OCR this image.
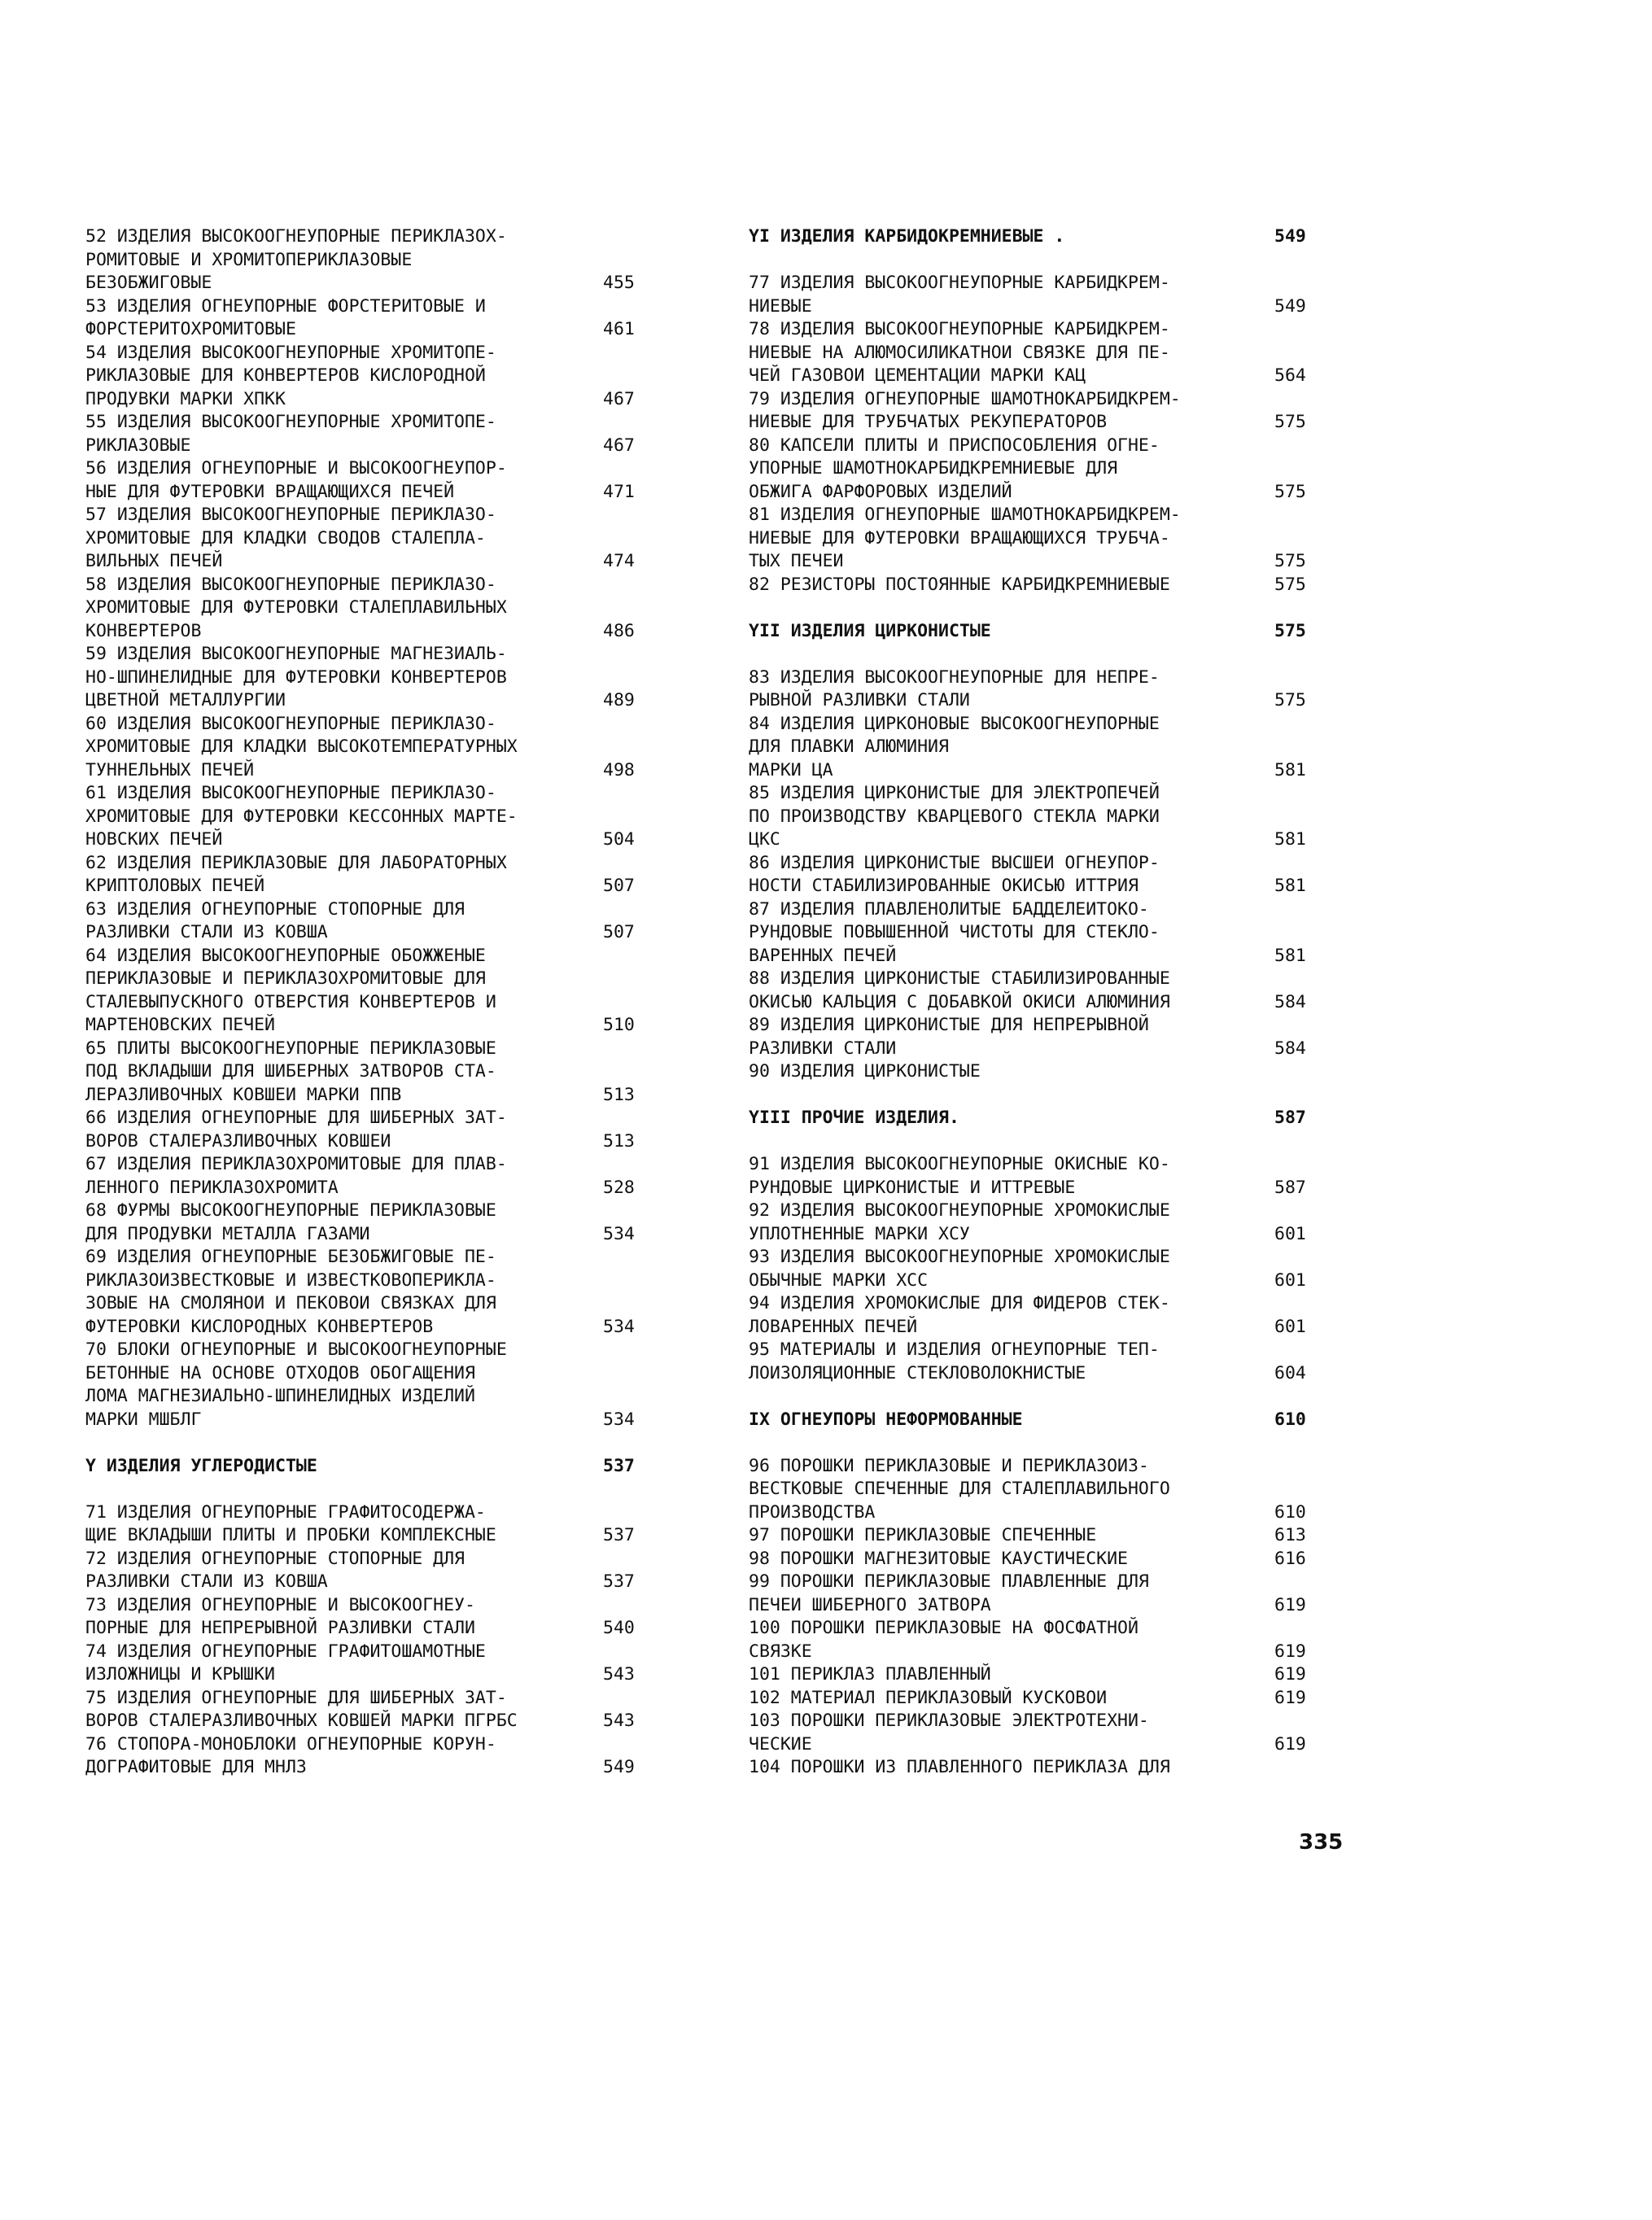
52 ИЗДЕЛИЯ ВЫСОКООГНЕУПОРНЫЕ ПЕРИКЛАЗОХ-
РОМИТОВЫЕ И ХРОМИТОПЕРИКЛАЗОВЫЕ
БЕЗОБЖИГОВЫЕ	455
53 ИЗДЕЛИЯ ОГНЕУПОРНЫЕ ФОРСТЕРИТОВЫЕ И
ФОРСТЕРИТОХРОМИТОВЫЕ	461
54 ИЗДЕЛИЯ ВЫСОКООГНЕУПОРНЫЕ ХРОМИТОПЕ-
РИКЛАЗОВЫЕ ДЛЯ КОНВЕРТЕРОВ КИСЛОРОДНОЙ
ПРОДУВКИ МАРКИ ХПКК	467
55 ИЗДЕЛИЯ ВЫСОКООГНЕУПОРНЫЕ ХРОМИТОПЕ-
РИКЛАЗОВЫЕ	467
56 ИЗДЕЛИЯ ОГНЕУПОРНЫЕ И ВЫСОКООГНЕУПОР-
НЫЕ ДЛЯ ФУТЕРОВКИ ВРАЩАЮЩИХСЯ ПЕЧЕЙ	471
57 ИЗДЕЛИЯ ВЫСОКООГНЕУПОРНЫЕ ПЕРИКЛАЗО-
ХРОМИТОВЫЕ ДЛЯ КЛАДКИ СВОДОВ СТАЛЕПЛА-
ВИЛЬНЫХ ПЕЧЕЙ	474
58 ИЗДЕЛИЯ ВЫСОКООГНЕУПОРНЫЕ ПЕРИКЛАЗО-
ХРОМИТОВЫЕ ДЛЯ ФУТЕРОВКИ СТАЛЕПЛАВИЛЬНЫХ
КОНВЕРТЕРОВ	486
59 ИЗДЕЛИЯ ВЫСОКООГНЕУПОРНЫЕ МАГНЕЗИАЛЬ-
НО-ШПИНЕЛИДНЫЕ ДЛЯ ФУТЕРОВКИ КОНВЕРТЕРОВ
ЦВЕТНОЙ МЕТАЛЛУРГИИ	489
60 ИЗДЕЛИЯ ВЫСОКООГНЕУПОРНЫЕ ПЕРИКЛАЗО-
ХРОМИТОВЫЕ ДЛЯ КЛАДКИ ВЫСОКОТЕМПЕРАТУРНЫХ
ТУННЕЛЬНЫХ ПЕЧЕЙ	498
61 ИЗДЕЛИЯ ВЫСОКООГНЕУПОРНЫЕ ПЕРИКЛАЗО-
ХРОМИТОВЫЕ ДЛЯ ФУТЕРОВКИ КЕССОННЫХ МАРТЕ-
НОВСКИХ ПЕЧЕЙ	504
62 ИЗДЕЛИЯ ПЕРИКЛАЗОВЫЕ ДЛЯ ЛАБОРАТОРНЫХ
КРИПТОЛОВЫХ ПЕЧЕЙ	507
63 ИЗДЕЛИЯ ОГНЕУПОРНЫЕ СТОПОРНЫЕ ДЛЯ
РАЗЛИВКИ СТАЛИ ИЗ КОВША	507
64 ИЗДЕЛИЯ ВЫСОКООГНЕУПОРНЫЕ ОБОЖЖЕНЫЕ
ПЕРИКЛАЗОВЫЕ И ПЕРИКЛАЗОХРОМИТОВЫЕ ДЛЯ
СТАЛЕВЫПУСКНОГО ОТВЕРСТИЯ КОНВЕРТЕРОВ И
МАРТЕНОВСКИХ ПЕЧЕЙ	510
65 ПЛИТЫ ВЫСОКООГНЕУПОРНЫЕ ПЕРИКЛАЗОВЫЕ
ПОД ВКЛАДЫШИ ДЛЯ ШИБЕРНЫХ ЗАТВОРОВ СТА-
ЛЕРАЗЛИВОЧНЫХ КОВШЕИ МАРКИ ППВ	513
66 ИЗДЕЛИЯ ОГНЕУПОРНЫЕ ДЛЯ ШИБЕРНЫХ ЗАТ-
ВОРОВ СТАЛЕРАЗЛИВОЧНЫХ КОВШЕИ	513
67 ИЗДЕЛИЯ ПЕРИКЛАЗОХРОМИТОВЫЕ ДЛЯ ПЛАВ-
ЛЕННОГО ПЕРИКЛАЗОХРОМИТА	528
68 ФУРМЫ ВЫСОКООГНЕУПОРНЫЕ ПЕРИКЛАЗОВЫЕ
ДЛЯ ПРОДУВКИ МЕТАЛЛА ГАЗАМИ	534
69 ИЗДЕЛИЯ ОГНЕУПОРНЫЕ БЕЗОБЖИГОВЫЕ ПЕ-
РИКЛАЗОИЗВЕСТКОВЫЕ И ИЗВЕСТКОВОПЕРИКЛА-
ЗОВЫЕ НА СМОЛЯНОИ И ПЕКОВОИ СВЯЗКАХ ДЛЯ
ФУТЕРОВКИ КИСЛОРОДНЫХ КОНВЕРТЕРОВ	534
70 БЛОКИ ОГНЕУПОРНЫЕ И ВЫСОКООГНЕУПОРНЫЕ
БЕТОННЫЕ НА ОСНОВЕ ОТХОДОВ ОБОГАЩЕНИЯ
ЛОМА МАГНЕЗИАЛЬНО-ШПИНЕЛИДНЫХ ИЗДЕЛИЙ
МАРКИ МШБЛГ	534
Y ИЗДЕЛИЯ УГЛЕРОДИСТЫЕ	537
71 ИЗДЕЛИЯ ОГНЕУПОРНЫЕ ГРАФИТОСОДЕРЖА-
ЩИЕ ВКЛАДЫШИ ПЛИТЫ И ПРОБКИ КОМПЛЕКСНЫЕ	537
72 ИЗДЕЛИЯ ОГНЕУПОРНЫЕ СТОПОРНЫЕ ДЛЯ
РАЗЛИВКИ СТАЛИ ИЗ КОВША	537
73 ИЗДЕЛИЯ ОГНЕУПОРНЫЕ И ВЫСОКООГНЕУ-
ПОРНЫЕ ДЛЯ НЕПРЕРЫВНОЙ РАЗЛИВКИ СТАЛИ	540
74 ИЗДЕЛИЯ ОГНЕУПОРНЫЕ ГРАФИТОШАМОТНЫЕ
ИЗЛОЖНИЦЫ И КРЫШКИ	543
75 ИЗДЕЛИЯ ОГНЕУПОРНЫЕ ДЛЯ ШИБЕРНЫХ ЗАТ-
ВОРОВ СТАЛЕРАЗЛИВОЧНЫХ КОВШЕЙ МАРКИ ПГРБС	543
76 СТОПОРА-МОНОБЛОКИ ОГНЕУПОРНЫЕ КОРУН-
ДОГРАФИТОВЫЕ ДЛЯ МНЛЗ	549
YI ИЗДЕЛИЯ КАРБИДОКРЕМНИЕВЫЕ .	549
77 ИЗДЕЛИЯ ВЫСОКООГНЕУПОРНЫЕ КАРБИДКРЕМ-
НИЕВЫЕ	549
78 ИЗДЕЛИЯ ВЫСОКООГНЕУПОРНЫЕ КАРБИДКРЕМ-
НИЕВЫЕ НА АЛЮМОСИЛИКАТНОИ СВЯЗКЕ ДЛЯ ПЕ-
ЧЕЙ ГАЗОВОИ ЦЕМЕНТАЦИИ МАРКИ КАЦ	564
79 ИЗДЕЛИЯ ОГНЕУПОРНЫЕ ШАМОТНОКАРБИДКРЕМ-
НИЕВЫЕ ДЛЯ ТРУБЧАТЫХ РЕКУПЕРАТОРОВ	575
80 КАПСЕЛИ ПЛИТЫ И ПРИСПОСОБЛЕНИЯ ОГНЕ-
УПОРНЫЕ ШАМОТНОКАРБИДКРЕМНИЕВЫЕ ДЛЯ
ОБЖИГА ФАРФОРОВЫХ ИЗДЕЛИЙ	575
81 ИЗДЕЛИЯ ОГНЕУПОРНЫЕ ШАМОТНОКАРБИДКРЕМ-
НИЕВЫЕ ДЛЯ ФУТЕРОВКИ ВРАЩАЮЩИХСЯ ТРУБЧА-
ТЫХ ПЕЧЕИ	575
82 РЕЗИСТОРЫ ПОСТОЯННЫЕ КАРБИДКРЕМНИЕВЫЕ	575
YII ИЗДЕЛИЯ ЦИРКОНИСТЫЕ	575
83 ИЗДЕЛИЯ ВЫСОКООГНЕУПОРНЫЕ ДЛЯ НЕПРЕ-
РЫВНОЙ РАЗЛИВКИ СТАЛИ	575
84 ИЗДЕЛИЯ ЦИРКОНОВЫЕ ВЫСОКООГНЕУПОРНЫЕ
ДЛЯ ПЛАВКИ АЛЮМИНИЯ
МАРКИ ЦА	581
85 ИЗДЕЛИЯ ЦИРКОНИСТЫЕ ДЛЯ ЭЛЕКТРОПЕЧЕЙ
ПО ПРОИЗВОДСТВУ КВАРЦЕВОГО СТЕКЛА МАРКИ
ЦКС	581
86 ИЗДЕЛИЯ ЦИРКОНИСТЫЕ ВЫСШЕИ ОГНЕУПОР-
НОСТИ СТАБИЛИЗИРОВАННЫЕ ОКИСЬЮ ИТТРИЯ	581
87 ИЗДЕЛИЯ ПЛАВЛЕНОЛИТЫЕ БАДДЕЛЕИТОКО-
РУНДОВЫЕ ПОВЫШЕННОЙ ЧИСТОТЫ ДЛЯ СТЕКЛО-
ВАРЕННЫХ ПЕЧЕЙ	581
88 ИЗДЕЛИЯ ЦИРКОНИСТЫЕ СТАБИЛИЗИРОВАННЫЕ
ОКИСЬЮ КАЛЬЦИЯ С ДОБАВКОЙ ОКИСИ АЛЮМИНИЯ	584
89 ИЗДЕЛИЯ ЦИРКОНИСТЫЕ ДЛЯ НЕПРЕРЫВНОЙ
РАЗЛИВКИ СТАЛИ	584
90 ИЗДЕЛИЯ ЦИРКОНИСТЫЕ
YIII ПРОЧИЕ ИЗДЕЛИЯ.	587
91 ИЗДЕЛИЯ ВЫСОКООГНЕУПОРНЫЕ ОКИСНЫЕ КО-
РУНДОВЫЕ ЦИРКОНИСТЫЕ И ИТТРЕВЫЕ	587
92 ИЗДЕЛИЯ ВЫСОКООГНЕУПОРНЫЕ ХРОМОКИСЛЫЕ
УПЛОТНЕННЫЕ МАРКИ ХСУ	601
93 ИЗДЕЛИЯ ВЫСОКООГНЕУПОРНЫЕ ХРОМОКИСЛЫЕ
ОБЫЧНЫЕ МАРКИ ХСС	601
94 ИЗДЕЛИЯ ХРОМОКИСЛЫЕ ДЛЯ ФИДЕРОВ СТЕК-
ЛОВАРЕННЫХ ПЕЧЕЙ	601
95 МАТЕРИАЛЫ И ИЗДЕЛИЯ ОГНЕУПОРНЫЕ ТЕП-
ЛОИЗОЛЯЦИОННЫЕ СТЕКЛОВОЛОКНИСТЫЕ	604
IX ОГНЕУПОРЫ НЕФОРМОВАННЫЕ	610
96 ПОРОШКИ ПЕРИКЛАЗОВЫЕ И ПЕРИКЛАЗОИЗ-
ВЕСТКОВЫЕ СПЕЧЕННЫЕ ДЛЯ СТАЛЕПЛАВИЛЬНОГО
ПРОИЗВОДСТВА	610
97 ПОРОШКИ ПЕРИКЛАЗОВЫЕ СПЕЧЕННЫЕ	613
98 ПОРОШКИ МАГНЕЗИТОВЫЕ КАУСТИЧЕСКИЕ	616
99 ПОРОШКИ ПЕРИКЛАЗОВЫЕ ПЛАВЛЕННЫЕ ДЛЯ
ПЕЧЕИ ШИБЕРНОГО ЗАТВОРА	619
100 ПОРОШКИ ПЕРИКЛАЗОВЫЕ НА ФОСФАТНОЙ
СВЯЗКЕ	619
101 ПЕРИКЛАЗ ПЛАВЛЕННЫЙ	619
102 МАТЕРИАЛ ПЕРИКЛАЗОВЫЙ КУСКОВОИ	619
103 ПОРОШКИ ПЕРИКЛАЗОВЫЕ ЭЛЕКТРОТЕХНИ-
ЧЕСКИЕ	619
104 ПОРОШКИ ИЗ ПЛАВЛЕННОГО ПЕРИКЛАЗА ДЛЯ
335
